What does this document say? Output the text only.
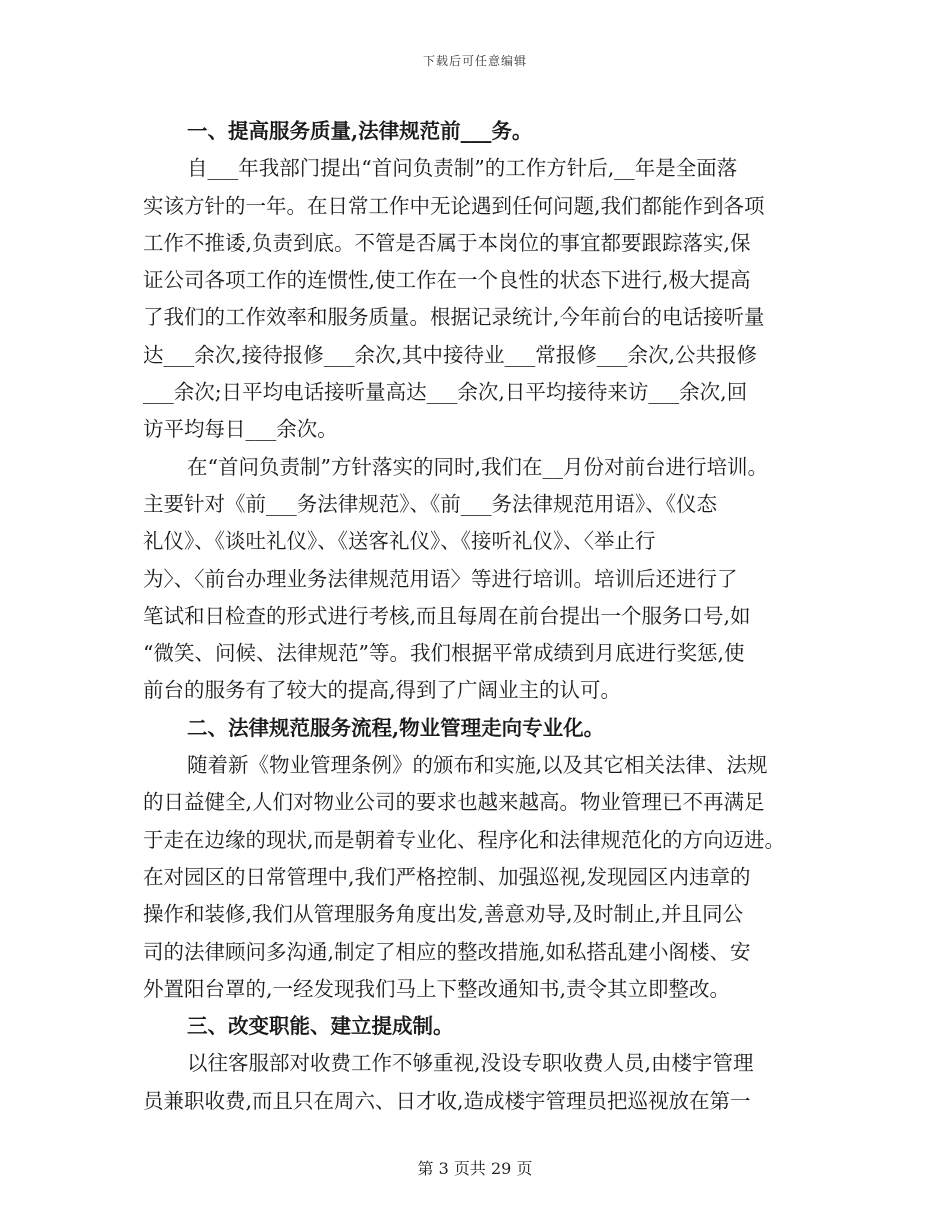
下载后可任意编辑
一、提高服务质量,法律规范前___务。
自___年我部门提出“首问负责制”的工作方针后,__年是全面落
实该方针的一年。在日常工作中无论遇到任何问题,我们都能作到各项
工作不推诿,负责到底。不管是否属于本岗位的事宜都要跟踪落实,保
证公司各项工作的连惯性,使工作在一个良性的状态下进行,极大提高
了我们的工作效率和服务质量。根据记录统计,今年前台的电话接听量
达___余次,接待报修___余次,其中接待业___常报修___余次,公共报修
___余次;日平均电话接听量高达___余次,日平均接待来访___余次,回
访平均每日___余次。
在“首问负责制”方针落实的同时,我们在__月份对前台进行培训。
主要针对《前___务法律规范》、《前___务法律规范用语》、《仪态
礼仪》、《谈吐礼仪》、《送客礼仪》、《接听礼仪》、〈举止行
为〉、〈前台办理业务法律规范用语〉等进行培训。培训后还进行了
笔试和日检查的形式进行考核,而且每周在前台提出一个服务口号,如
“微笑、问候、法律规范”等。我们根据平常成绩到月底进行奖惩,使
前台的服务有了较大的提高,得到了广阔业主的认可。
二、法律规范服务流程,物业管理走向专业化。
随着新《物业管理条例》的颁布和实施,以及其它相关法律、法规
的日益健全,人们对物业公司的要求也越来越高。物业管理已不再满足
于走在边缘的现状,而是朝着专业化、程序化和法律规范化的方向迈进。
在对园区的日常管理中,我们严格控制、加强巡视,发现园区内违章的
操作和装修,我们从管理服务角度出发,善意劝导,及时制止,并且同公
司的法律顾问多沟通,制定了相应的整改措施,如私搭乱建小阁楼、安
外置阳台罩的,一经发现我们马上下整改通知书,责令其立即整改。
三、改变职能、建立提成制。
以往客服部对收费工作不够重视,没设专职收费人员,由楼宇管理
员兼职收费,而且只在周六、日才收,造成楼宇管理员把巡视放在第一
第 3 页共 29 页
